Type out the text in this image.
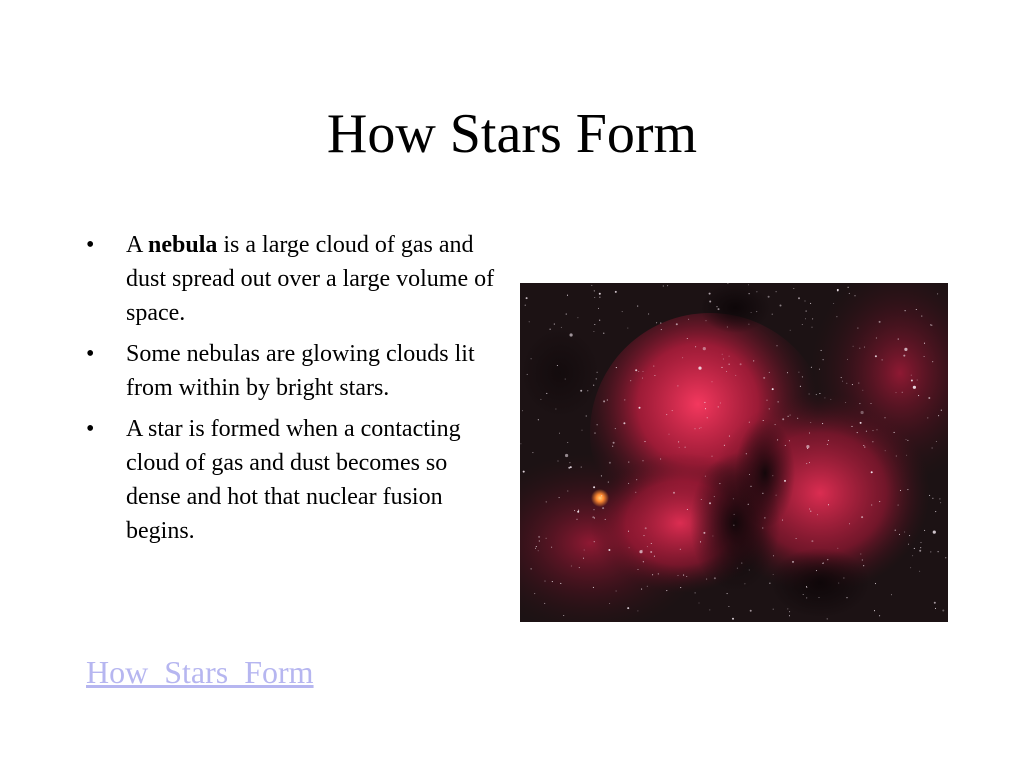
How Stars Form
• A nebula is a large cloud of gas and dust spread out over a large volume of space.
• Some nebulas are glowing clouds lit from within by bright stars.
• A star is formed when a contacting cloud of gas and dust becomes so dense and hot that nuclear fusion begins.
How_Stars_Form
